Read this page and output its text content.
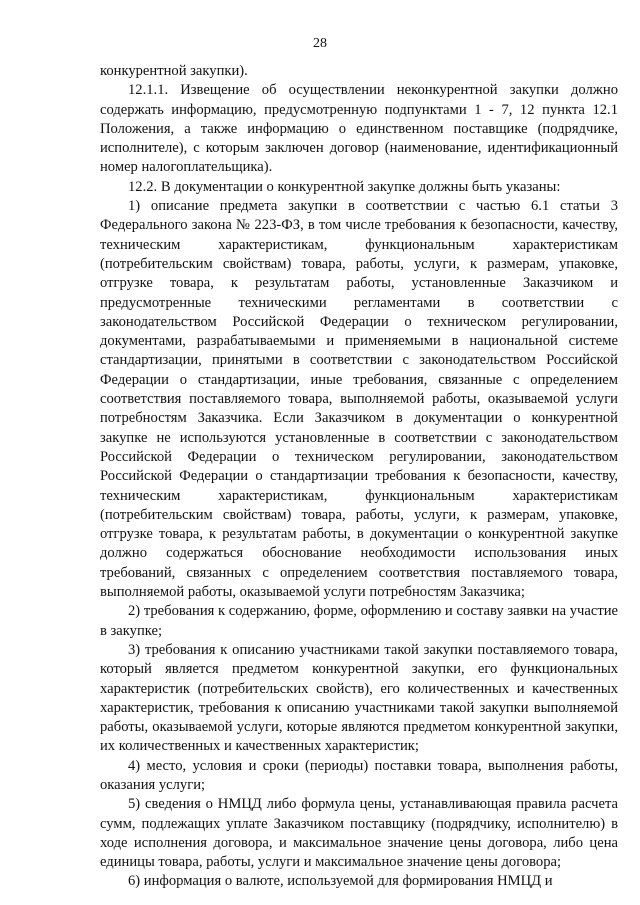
28

конкурентной закупки).

12.1.1. Извещение об осуществлении неконкурентной закупки должно содержать информацию, предусмотренную подпунктами 1 - 7, 12 пункта 12.1 Положения, а также информацию о единственном поставщике (подрядчике, исполнителе), с которым заключен договор (наименование, идентификационный номер налогоплательщика).

12.2. В документации о конкурентной закупке должны быть указаны:

1) описание предмета закупки в соответствии с частью 6.1 статьи 3 Федерального закона № 223-ФЗ, в том числе требования к безопасности, качеству, техническим характеристикам, функциональным характеристикам (потребительским свойствам) товара, работы, услуги, к размерам, упаковке, отгрузке товара, к результатам работы, установленные Заказчиком и предусмотренные техническими регламентами в соответствии с законодательством Российской Федерации о техническом регулировании, документами, разрабатываемыми и применяемыми в национальной системе стандартизации, принятыми в соответствии с законодательством Российской Федерации о стандартизации, иные требования, связанные с определением соответствия поставляемого товара, выполняемой работы, оказываемой услуги потребностям Заказчика. Если Заказчиком в документации о конкурентной закупке не используются установленные в соответствии с законодательством Российской Федерации о техническом регулировании, законодательством Российской Федерации о стандартизации требования к безопасности, качеству, техническим характеристикам, функциональным характеристикам (потребительским свойствам) товара, работы, услуги, к размерам, упаковке, отгрузке товара, к результатам работы, в документации о конкурентной закупке должно содержаться обоснование необходимости использования иных требований, связанных с определением соответствия поставляемого товара, выполняемой работы, оказываемой услуги потребностям Заказчика;

2) требования к содержанию, форме, оформлению и составу заявки на участие в закупке;

3) требования к описанию участниками такой закупки поставляемого товара, который является предметом конкурентной закупки, его функциональных характеристик (потребительских свойств), его количественных и качественных характеристик, требования к описанию участниками такой закупки выполняемой работы, оказываемой услуги, которые являются предметом конкурентной закупки, их количественных и качественных характеристик;

4) место, условия и сроки (периоды) поставки товара, выполнения работы, оказания услуги;

5) сведения о НМЦД либо формула цены, устанавливающая правила расчета сумм, подлежащих уплате Заказчиком поставщику (подрядчику, исполнителю) в ходе исполнения договора, и максимальное значение цены договора, либо цена единицы товара, работы, услуги и максимальное значение цены договора;

6) информация о валюте, используемой для формирования НМЦД и
